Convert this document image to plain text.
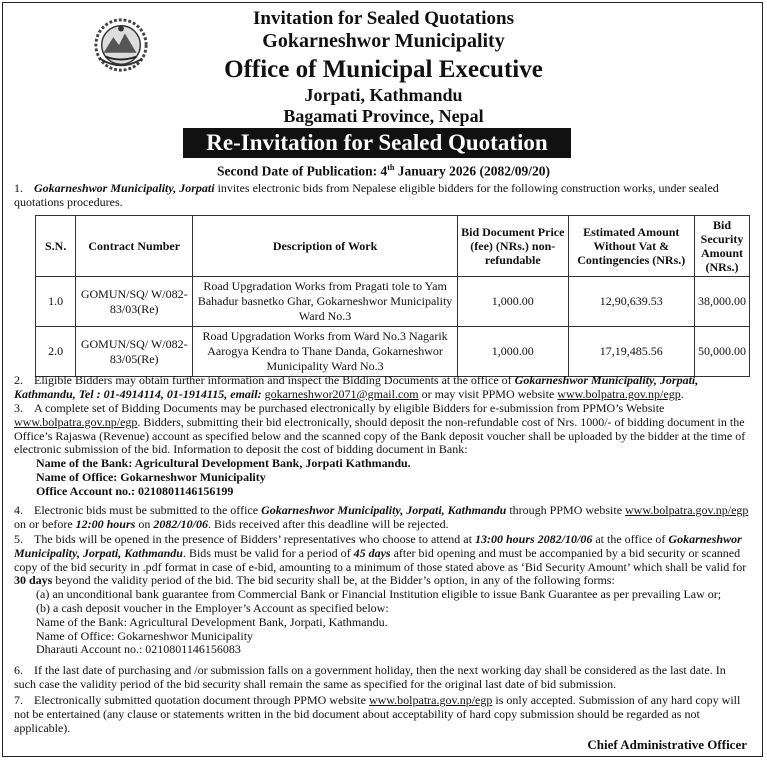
Invitation for Sealed Quotations
Gokarneshwor Municipality
Office of Municipal Executive
Jorpati, Kathmandu
Bagamati Province, Nepal
Re-Invitation for Sealed Quotation
Second Date of Publication: 4th January 2026 (2082/09/20)
1. Gokarneshwor Municipality, Jorpati invites electronic bids from Nepalese eligible bidders for the following construction works, under sealed quotations procedures.
S.N.	Contract Number	Description of Work	Bid Document Price (fee) (NRs.) non-refundable	Estimated Amount Without Vat & Contingencies (NRs.)	Bid Security Amount (NRs.)
1.0	GOMUN/SQ/ W/082-83/03(Re)	Road Upgradation Works from Pragati tole to Yam Bahadur basnetko Ghar, Gokarneshwor Municipality Ward No.3	1,000.00	12,90,639.53	38,000.00
2.0	GOMUN/SQ/ W/082-83/05(Re)	Road Upgradation Works from Ward No.3 Nagarik Aarogya Kendra to Thane Danda, Gokarneshwor Municipality Ward No.3	1,000.00	17,19,485.56	50,000.00
2. Eligible Bidders may obtain further information and inspect the Bidding Documents at the office of Gokarneshwor Municipality, Jorpati, Kathmandu, Tel : 01-4914114, 01-1914115, email: gokarneshwor2071@gmail.com or may visit PPMO website www.bolpatra.gov.np/egp.
3. A complete set of Bidding Documents may be purchased electronically by eligible Bidders for e-submission from PPMO’s Website www.bolpatra.gov.np/egp. Bidders, submitting their bid electronically, should deposit the non-refundable cost of Nrs. 1000/- of bidding document in the Office’s Rajaswa (Revenue) account as specified below and the scanned copy of the Bank deposit voucher shall be uploaded by the bidder at the time of electronic submission of the bid. Information to deposit the cost of bidding document in Bank:
Name of the Bank: Agricultural Development Bank, Jorpati Kathmandu.
Name of Office: Gokarneshwor Municipality
Office Account no.: 0210801146156199
4. Electronic bids must be submitted to the office Gokarneshwor Municipality, Jorpati, Kathmandu through PPMO website www.bolpatra.gov.np/egp on or before 12:00 hours on 2082/10/06. Bids received after this deadline will be rejected.
5. The bids will be opened in the presence of Bidders’ representatives who choose to attend at 13:00 hours 2082/10/06 at the office of Gokarneshwor Municipality, Jorpati, Kathmandu. Bids must be valid for a period of 45 days after bid opening and must be accompanied by a bid security or scanned copy of the bid security in .pdf format in case of e-bid, amounting to a minimum of those stated above as ‘Bid Security Amount’ which shall be valid for 30 days beyond the validity period of the bid. The bid security shall be, at the Bidder’s option, in any of the following forms:
(a) an unconditional bank guarantee from Commercial Bank or Financial Institution eligible to issue Bank Guarantee as per prevailing Law or;
(b) a cash deposit voucher in the Employer’s Account as specified below:
Name of the Bank: Agricultural Development Bank, Jorpati, Kathmandu.
Name of Office: Gokarneshwor Municipality
Dharauti Account no.: 0210801146156083
6. If the last date of purchasing and /or submission falls on a government holiday, then the next working day shall be considered as the last date. In such case the validity period of the bid security shall remain the same as specified for the original last date of bid submission.
7. Electronically submitted quotation document through PPMO website www.bolpatra.gov.np/egp is only accepted. Submission of any hard copy will not be entertained (any clause or statements written in the bid document about acceptability of hard copy submission should be regarded as not applicable).
Chief Administrative Officer
